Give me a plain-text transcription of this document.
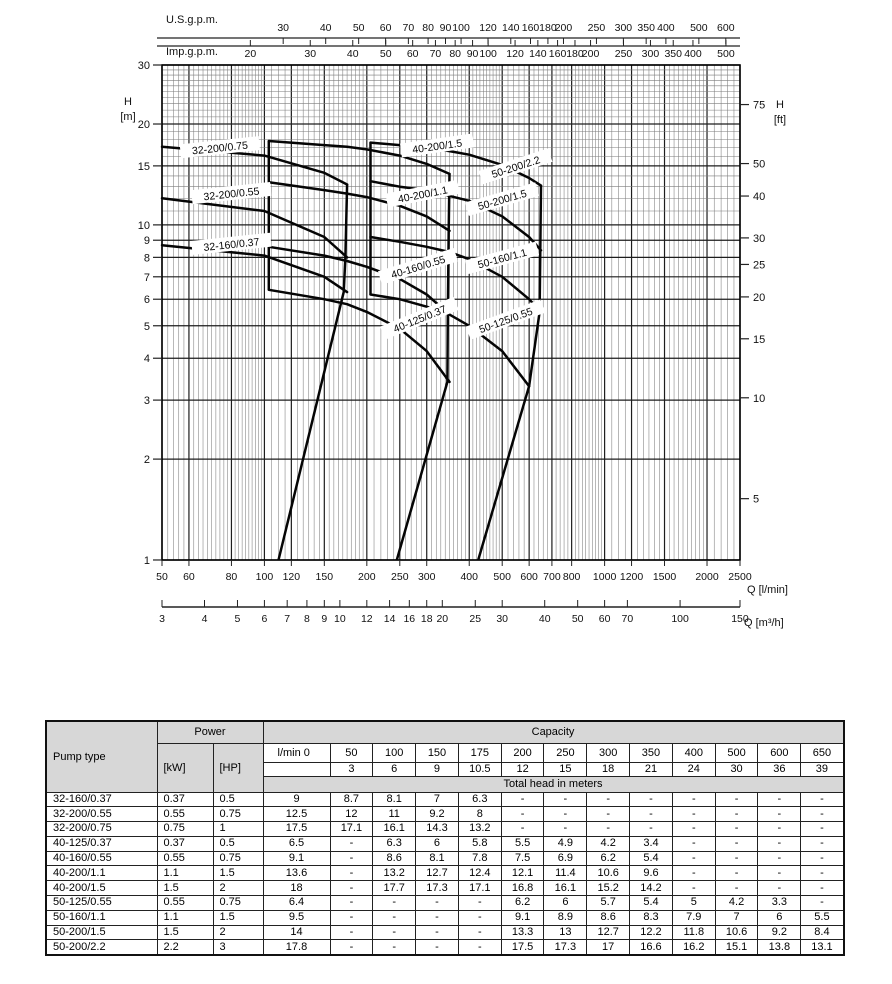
U.S.g.p.m.
Imp.g.p.m.
H
[m]
H
[ft]
Q [l/min]
Q [m³/h]
30	40 50 60 70 80 90 100 120 140 160 180
200 250 300 350 400 500 600
20	30	40 50 60 70 80 90 100 120 140 160 180
200 250 300 350 400 500
30
20
15
10
9
8
7
6
5
4
3
2
1
75
50
40
30
25
20
15
10
5
50 60	80 100 120 150 200 250 300 400 500 600 700 800 1000 1200 1500 2000 2500
3	4	5 6 7 8 9 10 12 14 16 18 20 25 30	40 50 60 70	100	150
32-200/0.75
32-200/0.55
32-160/0.37
40-200/1.5
40-200/1.1
40-160/0.55
40-125/0.37
50-200/2.2
50-200/1.5
50-160/1.1
50-125/0.55
Pump type	Power		Capacity												
	[kW]	[HP]	l/min 0	50	100	150	175	200	250	300	350	400	500	600	650
				3	6	9	10.5	12	15	18	21	24	30	36	39
			Total head in meters												
32-160/0.37	0.37	0.5	9	8.7	8.1	7	6.3	-	-	-	-	-	-	-	-
32-200/0.55	0.55	0.75	12.5	12	11	9.2	8	-	-	-	-	-	-	-	-
32-200/0.75	0.75	1	17.5	17.1	16.1	14.3	13.2	-	-	-	-	-	-	-	-
40-125/0.37	0.37	0.5	6.5	-	6.3	6	5.8	5.5	4.9	4.2	3.4	-	-	-	-
40-160/0.55	0.55	0.75	9.1	-	8.6	8.1	7.8	7.5	6.9	6.2	5.4	-	-	-	-
40-200/1.1	1.1	1.5	13.6	-	13.2	12.7	12.4	12.1	11.4	10.6	9.6	-	-	-	-
40-200/1.5	1.5	2	18	-	17.7	17.3	17.1	16.8	16.1	15.2	14.2	-	-	-	-
50-125/0.55	0.55	0.75	6.4	-	-	-	-	6.2	6	5.7	5.4	5	4.2	3.3	-
50-160/1.1	1.1	1.5	9.5	-	-	-	-	9.1	8.9	8.6	8.3	7.9	7	6	5.5
50-200/1.5	1.5	2	14	-	-	-	-	13.3	13	12.7	12.2	11.8	10.6	9.2	8.4
50-200/2.2	2.2	3	17.8	-	-	-	-	17.5	17.3	17	16.6	16.2	15.1	13.8	13.1
